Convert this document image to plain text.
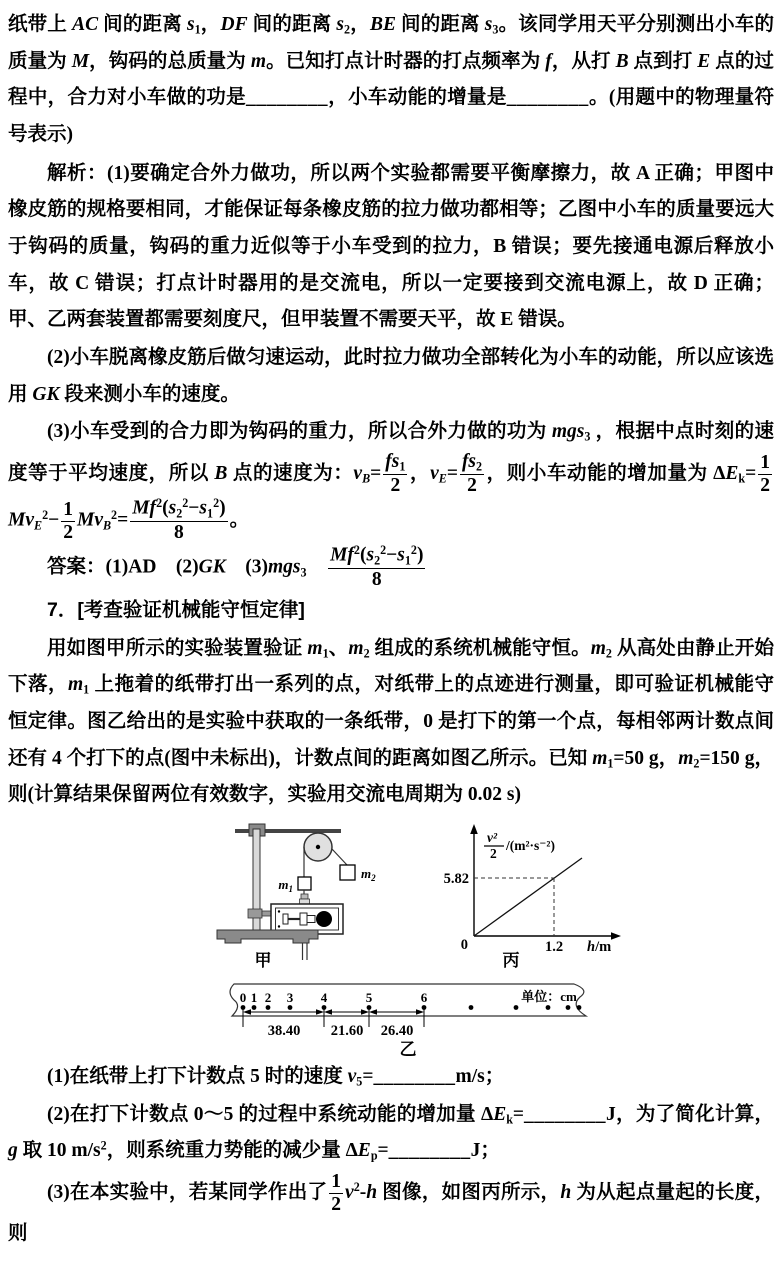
纸带上 AC 间的距离 s1，DF 间的距离 s2，BE 间的距离 s3。该同学用天平分别测出小车的质量为 M，钩码的总质量为 m。已知打点计时器的打点频率为 f，从打 B 点到打 E 点的过程中，合力对小车做的功是________，小车动能的增量是________。(用题中的物理量符号表示)

解析：(1)要确定合外力做功，所以两个实验都需要平衡摩擦力，故 A 正确；甲图中橡皮筋的规格要相同，才能保证每条橡皮筋的拉力做功都相等；乙图中小车的质量要远大于钩码的质量，钩码的重力近似等于小车受到的拉力，B 错误；要先接通电源后释放小车，故 C 错误；打点计时器用的是交流电，所以一定要接到交流电源上，故 D 正确；甲、乙两套装置都需要刻度尺，但甲装置不需要天平，故 E 错误。

(2)小车脱离橡皮筋后做匀速运动，此时拉力做功全部转化为小车的动能，所以应该选用 GK 段来测小车的速度。

(3)小车受到的合力即为钩码的重力，所以合外力做的功为 mgs3 ，根据中点时刻的速度等于平均速度，所以 B 点的速度为：$vB= \frac{fs1}{2}$ ，$vE= \frac{fs2}{2}$ ，则小车动能的增加量为 $\Delta Ek= \frac{1}{2}$
$MvE^2- \frac{1}{2} MvB^2= \frac{Mf^2(s2^2-s1^2)}{8}$ 。

答案：(1)AD　(2)GK　(3)mgs3　 $\frac{Mf^2(s2^2-s1^2)}{8}$

7．[考查验证机械能守恒定律]

用如图甲所示的实验装置验证 m1、m2 组成的系统机械能守恒。m2 从高处由静止开始下落，m1 上拖着的纸带打出一系列的点，对纸带上的点迹进行测量，即可验证机械能守恒定律。图乙给出的是实验中获取的一条纸带，0 是打下的第一个点，每相邻两计数点间还有 4 个打下的点(图中未标出)，计数点间的距离如图乙所示。已知 m1=50 g，m2=150 g，则(计算结果保留两位有效数字，实验用交流电周期为 0.02 s)

$m_2$
$m_1$
甲
5.82
0	1.2 h/m
v²
2
/(m²·s⁻²)
丙
0 1 2 3 4	5	6
38.40 21.60 26.40
单位：cm
乙

(1)在纸带上打下计数点 5 时的速度 v5=________m/s；

(2)在打下计数点 0～5 的过程中系统动能的增加量 ΔEk=________J，为了简化计算，g 取 10 $m/s^2$，则系统重力势能的减少量 ΔEp=________J；

(3)在本实验中，若某同学作出了 $\frac{1}{2} v^2-h$ 图像，如图丙所示，h 为从起点量起的长度，则
